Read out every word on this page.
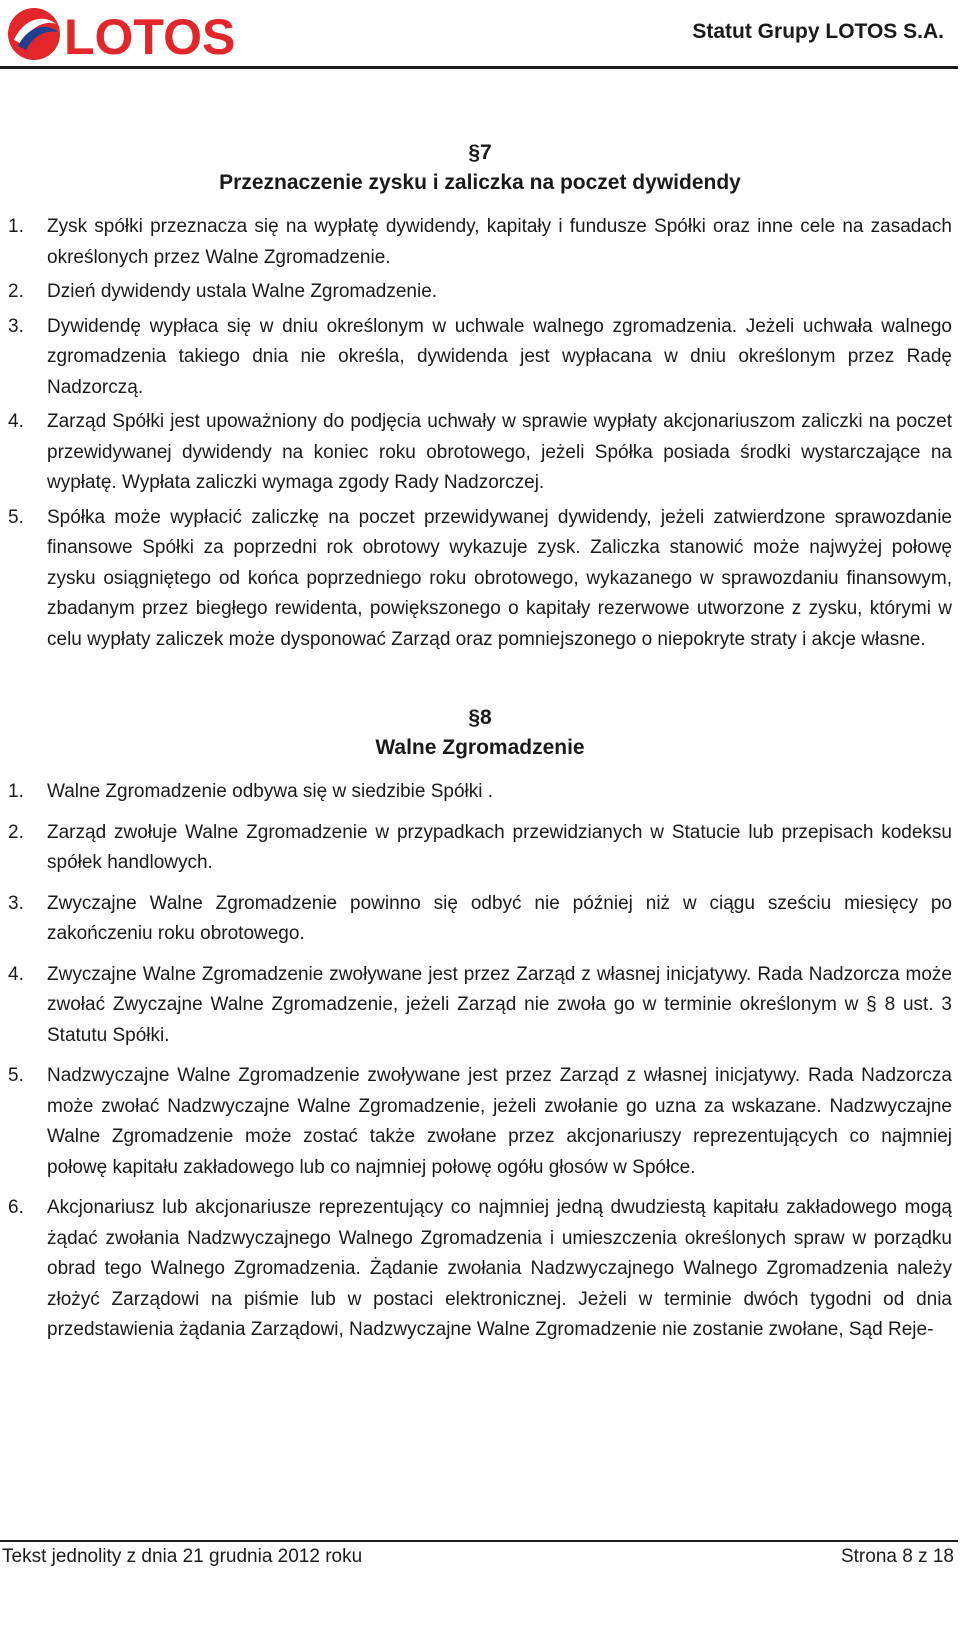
LOTOS	Statut Grupy LOTOS S.A.
§7
Przeznaczenie zysku i zaliczka na poczet dywidendy
1.	Zysk spółki przeznacza się na wypłatę dywidendy, kapitały i fundusze Spółki oraz inne cele na zasadach określonych przez Walne Zgromadzenie.
2.	Dzień dywidendy ustala Walne Zgromadzenie.
3.	Dywidendę wypłaca się w dniu określonym w uchwale walnego zgromadzenia. Jeżeli uchwała walnego zgromadzenia takiego dnia nie określa, dywidenda jest wypłacana w dniu określonym przez Radę Nadzorczą.
4.	Zarząd Spółki jest upoważniony do podjęcia uchwały w sprawie wypłaty akcjonariuszom zaliczki na poczet przewidywanej dywidendy na koniec roku obrotowego, jeżeli Spółka posiada środki wystarczające na wypłatę. Wypłata zaliczki wymaga zgody Rady Nadzorczej.
5.	Spółka może wypłacić zaliczkę na poczet przewidywanej dywidendy, jeżeli zatwierdzone sprawozdanie finansowe Spółki za poprzedni rok obrotowy wykazuje zysk. Zaliczka stanowić może najwyżej połowę zysku osiągniętego od końca poprzedniego roku obrotowego, wykazanego w sprawozdaniu finansowym, zbadanym przez biegłego rewidenta, powiększonego o kapitały rezerwowe utworzone z zysku, którymi w celu wypłaty zaliczek może dysponować Zarząd oraz pomniejszonego o niepokryte straty i akcje własne.
§8
Walne Zgromadzenie
1.	Walne Zgromadzenie odbywa się w siedzibie Spółki .
2.	Zarząd zwołuje Walne Zgromadzenie w przypadkach przewidzianych w Statucie lub przepisach kodeksu spółek handlowych.
3.	Zwyczajne Walne Zgromadzenie powinno się odbyć nie później niż w ciągu sześciu miesięcy po zakończeniu roku obrotowego.
4.	Zwyczajne Walne Zgromadzenie zwoływane jest przez Zarząd z własnej inicjatywy. Rada Nadzorcza może zwołać Zwyczajne Walne Zgromadzenie, jeżeli Zarząd nie zwoła go w terminie określonym w § 8 ust. 3 Statutu Spółki.
5.	Nadzwyczajne Walne Zgromadzenie zwoływane jest przez Zarząd z własnej inicjatywy. Rada Nadzorcza może zwołać Nadzwyczajne Walne Zgromadzenie, jeżeli zwołanie go uzna za wskazane. Nadzwyczajne Walne Zgromadzenie może zostać także zwołane przez akcjonariuszy reprezentujących co najmniej połowę kapitału zakładowego lub co najmniej połowę ogółu głosów w Spółce.
6.	Akcjonariusz lub akcjonariusze reprezentujący co najmniej jedną dwudziestą kapitału zakładowego mogą żądać zwołania Nadzwyczajnego Walnego Zgromadzenia i umieszczenia określonych spraw w porządku obrad tego Walnego Zgromadzenia. Żądanie zwołania Nadzwyczajnego Walnego Zgromadzenia należy złożyć Zarządowi na piśmie lub w postaci elektronicznej. Jeżeli w terminie dwóch tygodni od dnia przedstawienia żądania Zarządowi, Nadzwyczajne Walne Zgromadzenie nie zostanie zwołane, Sąd Reje-
Tekst jednolity z dnia 21 grudnia 2012 roku	Strona 8 z 18
